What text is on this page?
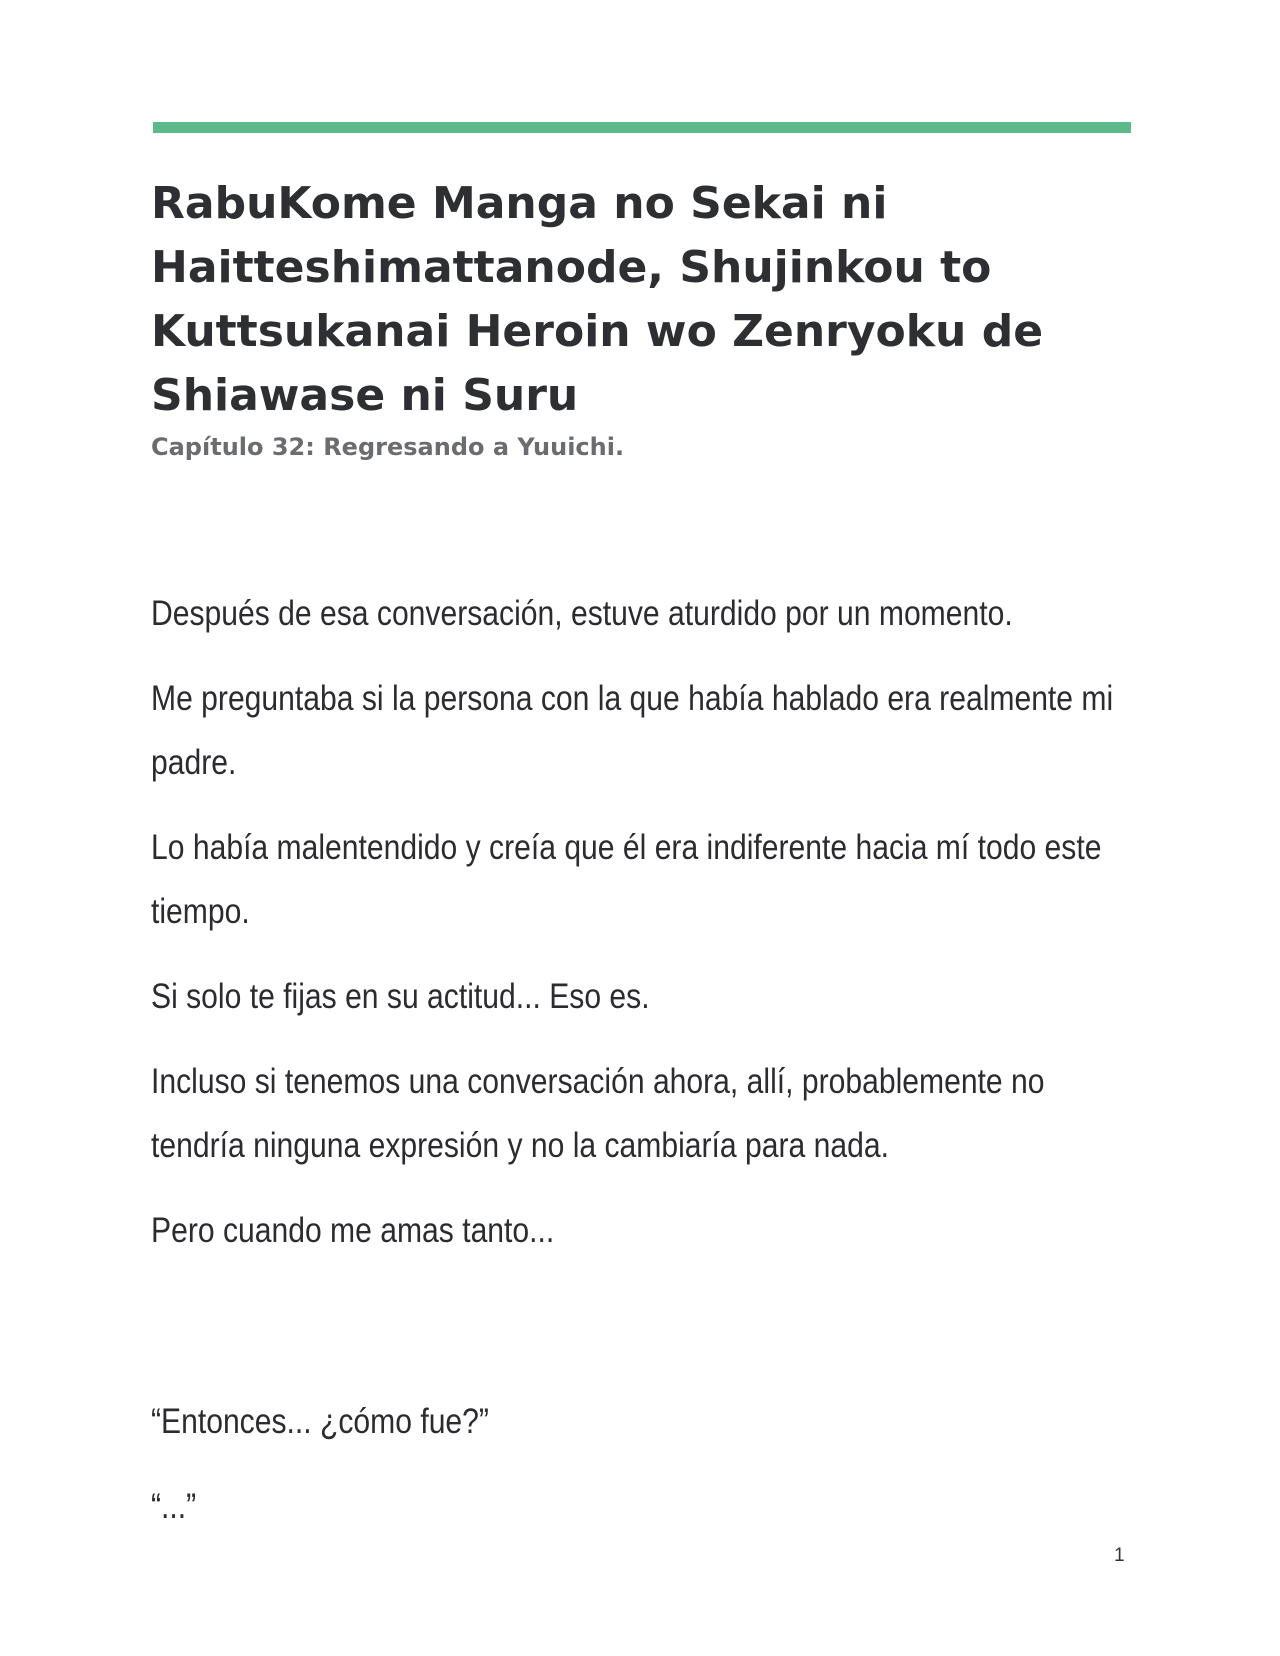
RabuKome Manga no Sekai ni Haitteshimattanode, Shujinkou to Kuttsukanai Heroin wo Zenryoku de Shiawase ni Suru
Capítulo 32: Regresando a Yuuichi.

Después de esa conversación, estuve aturdido por un momento.

Me preguntaba si la persona con la que había hablado era realmente mi padre.

Lo había malentendido y creía que él era indiferente hacia mí todo este tiempo.

Si solo te fijas en su actitud... Eso es.

Incluso si tenemos una conversación ahora, allí, probablemente no tendría ninguna expresión y no la cambiaría para nada.

Pero cuando me amas tanto...

“Entonces... ¿cómo fue?”

“...”

1
